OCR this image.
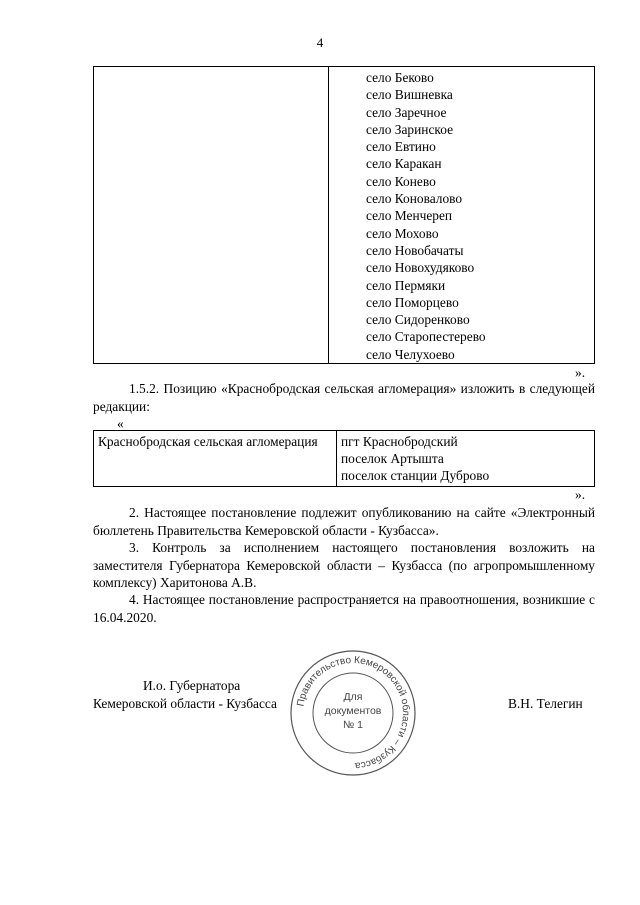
4

село Беково
село Вишневка
село Заречное
село Заринское
село Евтино
село Каракан
село Конево
село Коновалово
село Менчереп
село Мохово
село Новобачаты
село Новохудяково
село Пермяки
село Поморцево
село Сидоренково
село Старопестерево
село Челухоево
».
1.5.2. Позицию «Краснобродская сельская агломерация» изложить в следующей редакции:
«
Краснобродская сельская агломерация	пгт Краснобродский
поселок Артышта
поселок станции Дуброво
».
2. Настоящее постановление подлежит опубликованию на сайте «Электронный бюллетень Правительства Кемеровской области - Кузбасса».
3. Контроль за исполнением настоящего постановления возложить на заместителя Губернатора Кемеровской области – Кузбасса (по агропромышленному комплексу) Харитонова А.В.
4. Настоящее постановление распространяется на правоотношения, возникшие с 16.04.2020.
И.о. Губернатора
Кемеровской области - Кузбасса	В.Н. Телегин
Правительство Кемеровской области – Кузбасса
Для
документов
№ 1
